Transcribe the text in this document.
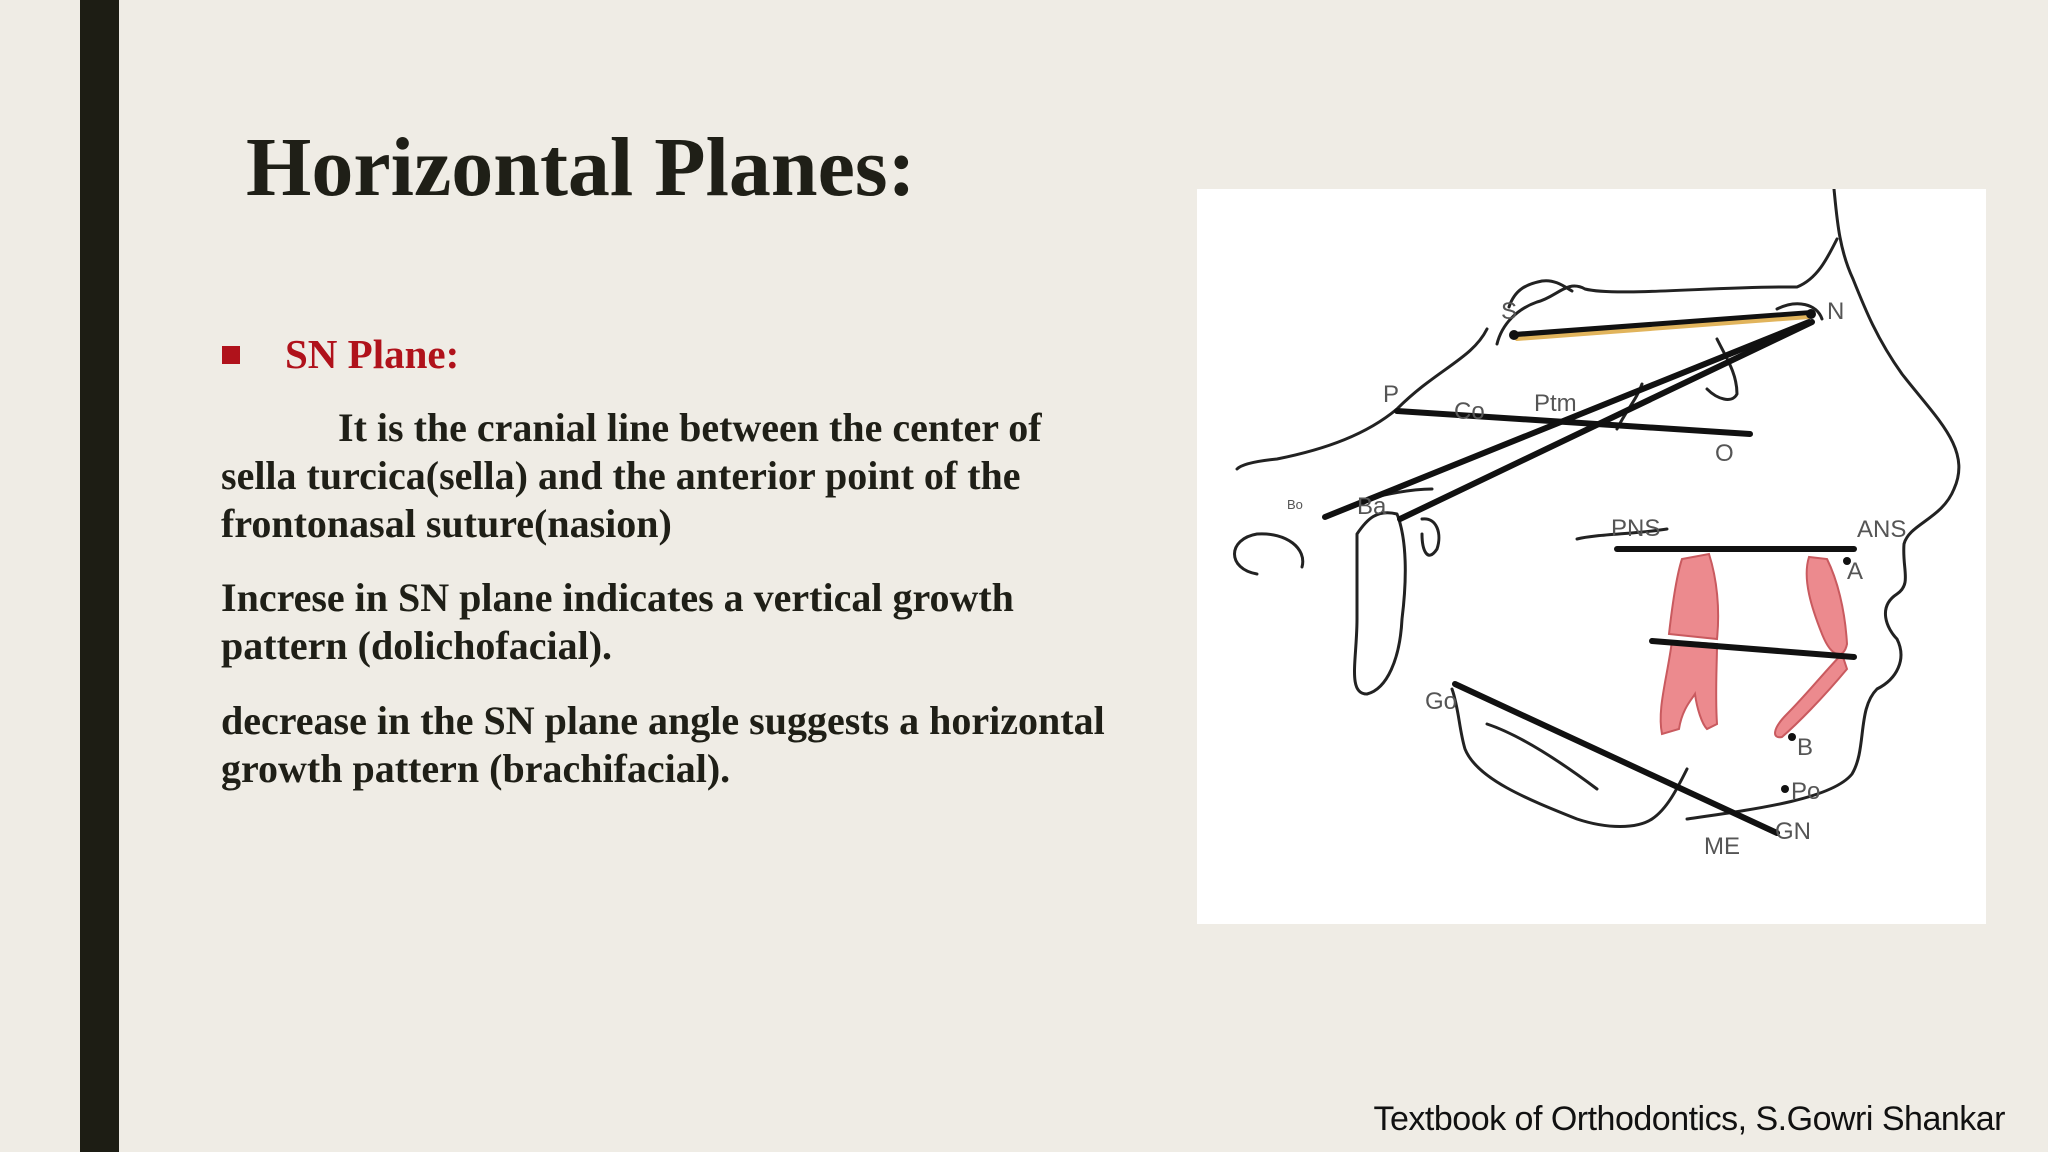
Horizontal Planes:
SN Plane:

It is the cranial line between the center of sella turcica(sella) and the anterior point of the frontonasal suture(nasion)

Increse in SN plane indicates a vertical growth pattern (dolichofacial).

decrease in the SN plane angle suggests a horizontal growth pattern (brachifacial).

S	N
P
Co Ptm
O
Bo Ba
PNS	ANS
A
Go
B
Po
GN
ME
Textbook of Orthodontics, S.Gowri Shankar
